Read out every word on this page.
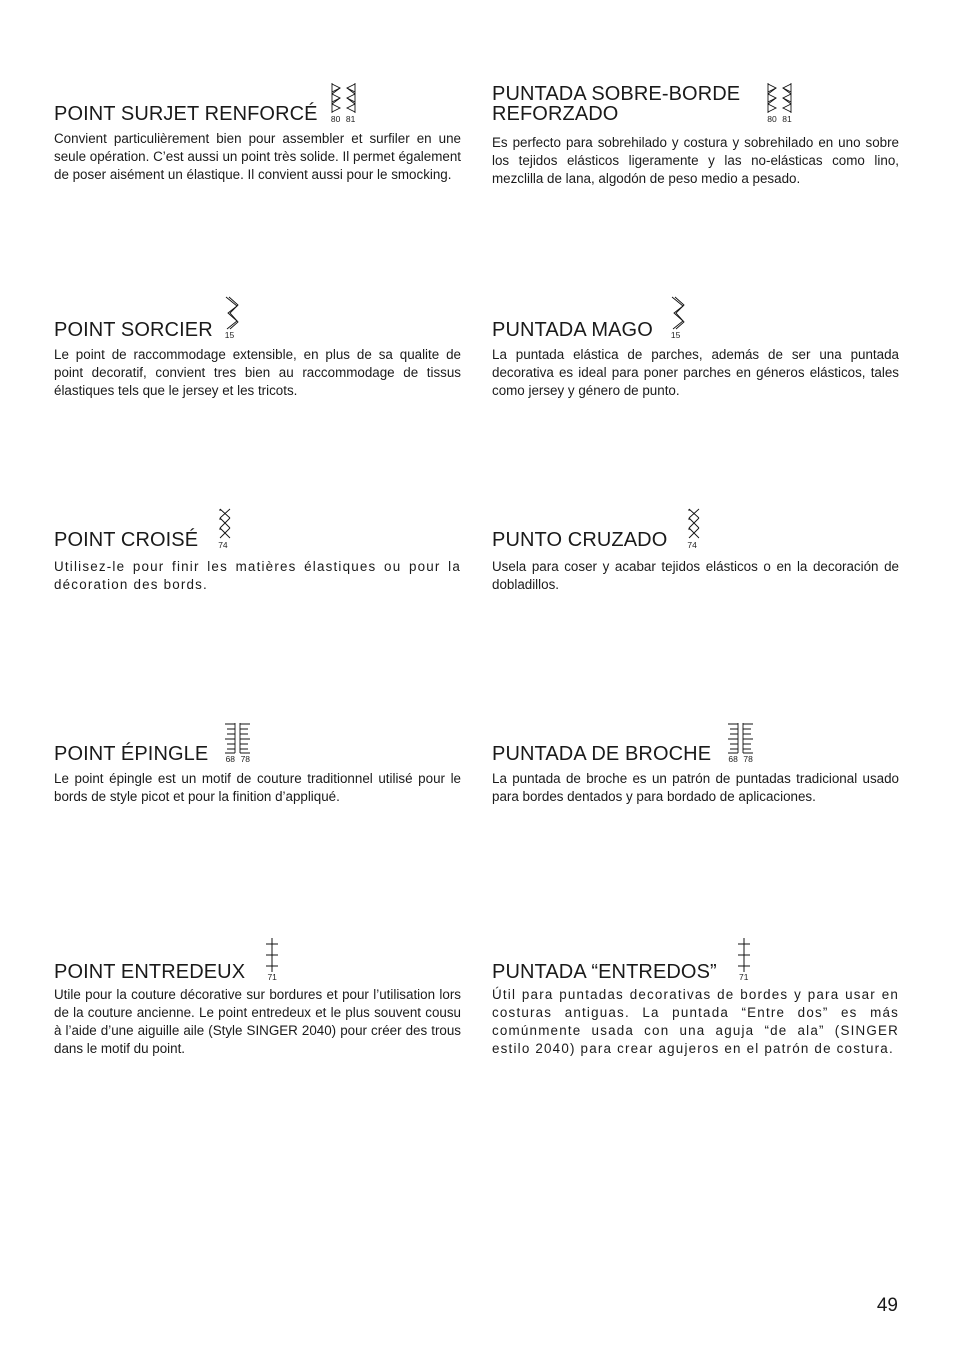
POINT SURJET RENFORCÉ 80 81

Convient particulièrement bien pour assembler et surfiler en une seule opération. C’est aussi un point très solide. Il permet également de poser aisément un élastique. Il convient aussi pour le smocking.

PUNTADA SOBRE-BORDE REFORZADO	80 81

Es perfecto para sobrehilado y costura y sobrehilado en uno sobre los tejidos elásticos ligeramente y las no-elásticas como lino, mezclilla de lana, algodón de peso medio a pesado.

POINT SORCIER 15

Le point de raccommodage extensible, en plus de sa qualite de point decoratif, convient tres bien au raccommodage de tissus élastiques tels que le jersey et les tricots.

PUNTADA MAGO 15

La puntada elástica de parches, además de ser una puntada decorativa es ideal para poner parches en géneros elásticos, tales como jersey y género de punto.

POINT CROISÉ 74

Utilisez-le pour finir les matières élastiques ou pour la décoration des bords.

PUNTO CRUZADO 74

Usela para coser y acabar tejidos elásticos o en la decoración de dobladillos.

POINT ÉPINGLE 68 78

Le point épingle est un motif de couture traditionnel utilisé pour le bords de style picot et pour la finition d’appliqué.

PUNTADA DE BROCHE 68 78

La puntada de broche es un patrón de puntadas tradicional usado para bordes dentados y para bordado de aplicaciones.

POINT ENTREDEUX	71

Utile pour la couture décorative sur bordures et pour l’utilisation lors de la couture ancienne. Le point entredeux et le plus souvent cousu à l’aide d’une aiguille aile (Style SINGER 2040) pour créer des trous dans le motif du point.

PUNTADA “ENTREDOS”	71

Útil para puntadas decorativas de bordes y para usar en costuras antiguas. La puntada “Entre dos” es más comúnmente usada con una aguja “de ala” (SINGER estilo 2040) para crear agujeros en el patrón de costura.

49
